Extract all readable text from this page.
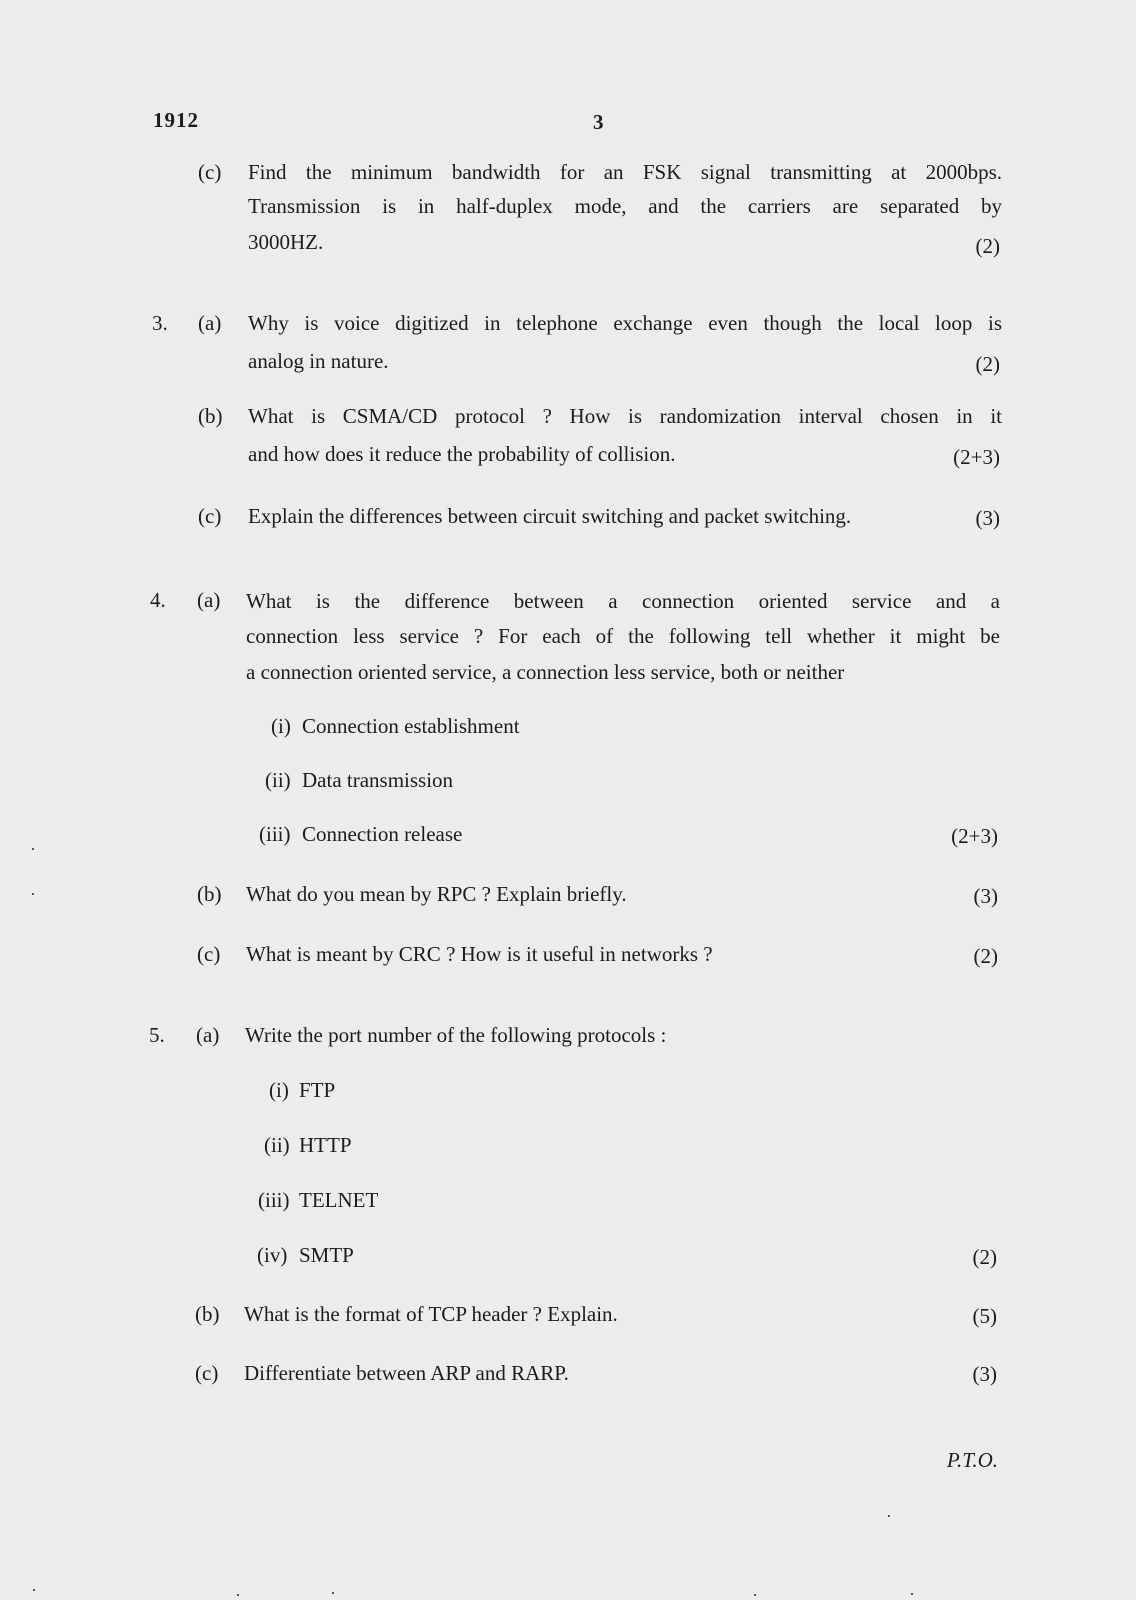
1912	3
(c) Find the minimum bandwidth for an FSK signal transmitting at 2000bps.
Transmission is in half-duplex mode, and the carriers are separated by
3000HZ.	(2)
3. (a) Why is voice digitized in telephone exchange even though the local loop is
analog in nature.	(2)
(b) What is CSMA/CD protocol ? How is randomization interval chosen in it
and how does it reduce the probability of collision.	(2+3)
(c) Explain the differences between circuit switching and packet switching.	(3)
4. (a) What is the difference between a connection oriented service and a
connection less service ? For each of the following tell whether it might be
a connection oriented service, a connection less service, both or neither
(i) Connection establishment
(ii) Data transmission
(iii) Connection release	(2+3)
(b) What do you mean by RPC ? Explain briefly.	(3)
(c) What is meant by CRC ? How is it useful in networks ?	(2)
5. (a) Write the port number of the following protocols :
(i) FTP
(ii) HTTP
(iii) TELNET
(iv) SMTP	(2)
(b) What is the format of TCP header ? Explain.	(5)
(c) Differentiate between ARP and RARP.	(3)
P.T.O.
